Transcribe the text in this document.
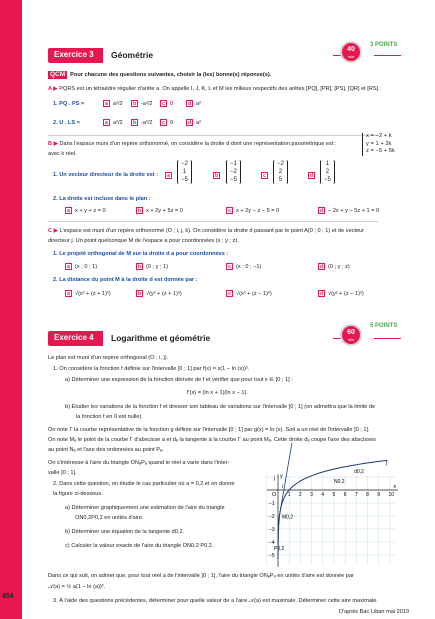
454
Exercice 3	Géométrie
40
min
3 POINTS
QCM Pour chacune des questions suivantes, choisir la (les) bonne(s) réponse(s).
A ▶ PQRS est un tétraèdre régulier d'arête a. On appelle I, J, K, L et M les milieux respectifs des arêtes [PQ], [PR], [PS], [QR] et [RS].
1. PQ . PS =	a a²/2	b -a²/2	c 0	d a²
2. U . LS =	a a²/2	b -a²/2	c 0	d a²
B ▶ Dans l'espace muni d'un repère orthonormé, on considère la droite d dont une représentation paramétrique est :
x = −2 + k
y = 1 + 2k
z = −5 + 5k
avec k réel.
1. Un vecteur directeur de la droite est :	a
−2
1
−5
b
−1
−2
−5
c
−2
2
5
d
1
2
−5
2. La droite est incluse dans le plan :
a x + y + z = 0	b x + 2y + 5z = 0	c x + 2y − z − 5 = 0	d − 2x + y − 5z + 1 = 0
C ▶ L'espace est muni d'un repère orthonormé (O ; i, j, k). On considère la droite d passant par le point A(0 ; 0 ; 1) et de vecteur
directeur j. Un point quelconque M de l'espace a pour coordonnées (x ; y ; z).
1. Le projeté orthogonal de M sur la droite d a pour coordonnées :
a (x ; 0 ; 1)	b (0 ; y ; 1)	c (x ; 0 ; −1)	d (0 ; y ; z)
2. La distance du point M à la droite d est donnée par :
a √(x² + (z + 1)²)	b √(y² + (z + 1)²)	c √(x² + (z − 1)²)	d √(y² + (z − 1)²)
Exercice 4	Logarithme et géométrie
60
min
5 POINTS
Le plan est muni d'un repère orthogonal (O ; i, j).
1. On considère la fonction f définie sur l'intervalle ]0 ; 1] par f(x) = x(1 − ln (x))².
a) Déterminer une expression de la fonction dérivée de f et vérifier que pour tout x ∈ ]0 ; 1] :
f'(x) = (ln x + 1)(ln x − 1).
b) Étudier les variations de la fonction f et dresser son tableau de variations sur l'intervalle ]0 ; 1] (on admettra que la limite de
la fonction f en 0 est nulle).
On note Γ la courbe représentative de la fonction g définie sur l'intervalle ]0 ; 1] par g(x) = ln (x). Soit a un réel de l'intervalle ]0 ; 1].
On note Mₐ le point de la courbe Γ d'abscisse a et dₐ la tangente à la courbe Γ au point Mₐ. Cette droite dₐ coupe l'axe des abscisses
au point Nₐ et l'axe des ordonnées au point Pₐ.
On s'intéresse à l'aire du triangle ONₐPₐ quand le réel a varie dans l'inter-
valle ]0 ; 1].
2. Dans cette question, on étudie le cas particulier où a = 0,2 et on donne
la figure ci-dessous.
a) Déterminer graphiquement une estimation de l'aire du triangle
ON0,2P0,2 en unités d'aire.
b) Déterminer une équation de la tangente d0,2.
c) Calculer la valeur exacte de l'aire du triangle ON0,2 P0,2.
Dans ce qui suit, on admet que, pour tout réel a de l'intervalle ]0 ; 1], l'aire du triangle ONₐPₐ en unités d'aire est donnée par
𝒜(a) = ½ a(1 − ln (a))².
3. À l'aide des questions précédentes, déterminer pour quelle valeur de a l'aire 𝒜(a) est maximale. Déterminer cette aire maximale.
D'après Bac Liban mai 2019
1 2 3 4 5 6 7 8 9 10
−1
−2
−3
−4
−5
O
y
x
Γ
d0,2
N0,2
M0,2
P0,2
j
i
